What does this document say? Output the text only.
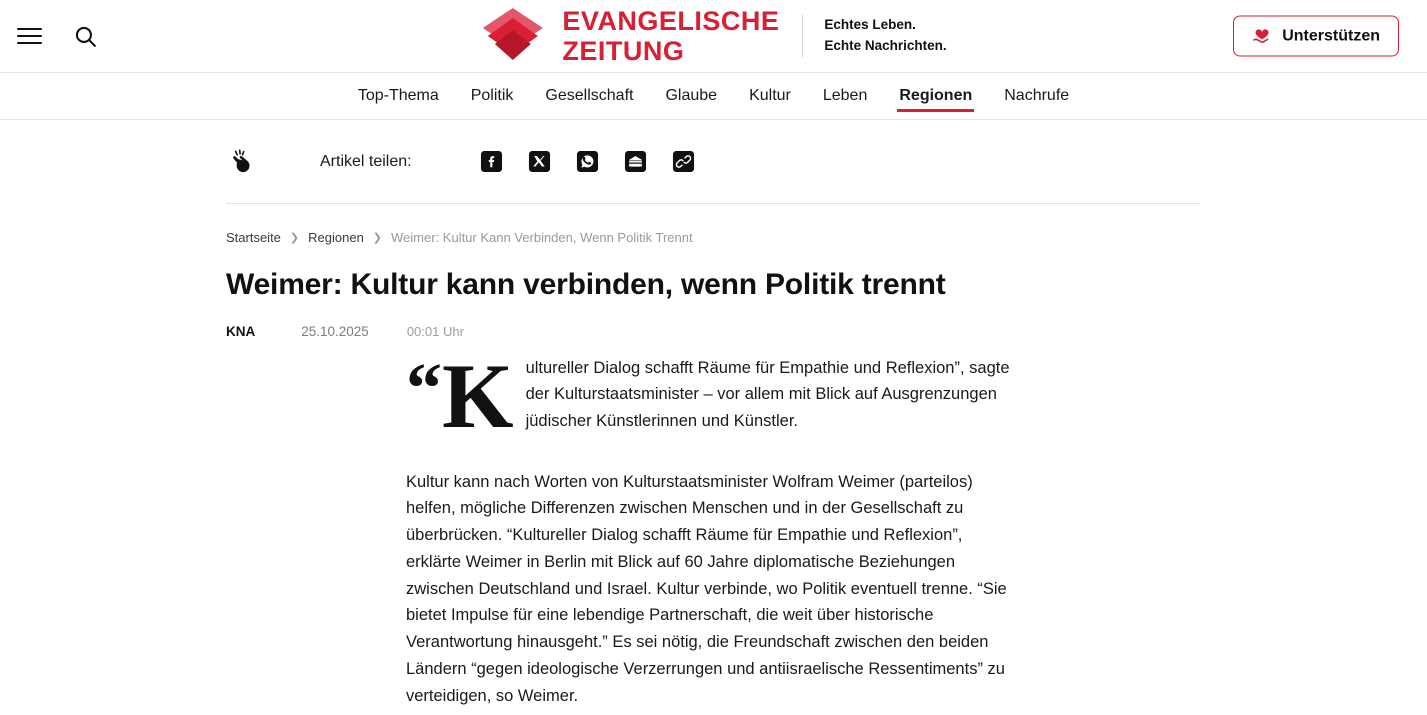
EVANGELISCHE
ZEITUNG
Echtes Leben.
Echte Nachrichten.
Unterstützen
Top-Thema Politik Gesellschaft Glaube Kultur Leben Regionen Nachrufe
Artikel teilen:
Startseite ❯ Regionen ❯ Weimer: Kultur Kann Verbinden, Wenn Politik Trennt
Weimer: Kultur kann verbinden, wenn Politik trennt
KNA	25.10.2025	00:01 Uhr
“K ultureller Dialog schafft Räume für Empathie und Reflexion”, sagte der Kulturstaatsminister – vor allem mit Blick auf Ausgrenzungen jüdischer Künstlerinnen und Künstler.

Kultur kann nach Worten von Kulturstaatsminister Wolfram Weimer (parteilos) helfen, mögliche Differenzen zwischen Menschen und in der Gesellschaft zu überbrücken. “Kultureller Dialog schafft Räume für Empathie und Reflexion”, erklärte Weimer in Berlin mit Blick auf 60 Jahre diplomatische Beziehungen zwischen Deutschland und Israel. Kultur verbinde, wo Politik eventuell trenne. “Sie bietet Impulse für eine lebendige Partnerschaft, die weit über historische Verantwortung hinausgeht.” Es sei nötig, die Freundschaft zwischen den beiden Ländern “gegen ideologische Verzerrungen und antiisraelische Ressentiments” zu verteidigen, so Weimer.
